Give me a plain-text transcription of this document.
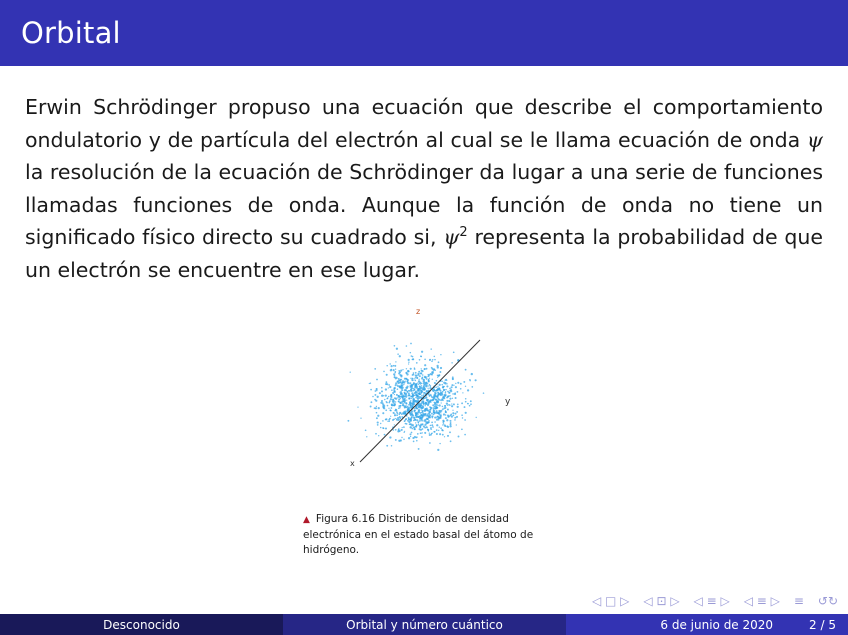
Orbital
Erwin Schrödinger propuso una ecuación que describe el comportamiento ondulatorio y de partícula del electrón al cual se le llama ecuación de onda ψ la resolución de la ecuación de Schrödinger da lugar a una serie de funciones llamadas funciones de onda. Aunque la función de onda no tiene un significado físico directo su cuadrado si, $\psi^2$ representa la probabilidad de que un electrón se encuentre en ese lugar.
z
y
x
▲ Figura 6.16 Distribución de densidad electrónica en el estado basal del átomo de hidrógeno.
◁ □ ▷ ◁ ⊡ ▷ ◁ ≡ ▷ ◁ ≡ ▷ ≡ ↺↻
Desconocido	Orbital y número cuántico	6 de junio de 2020	2 / 5
